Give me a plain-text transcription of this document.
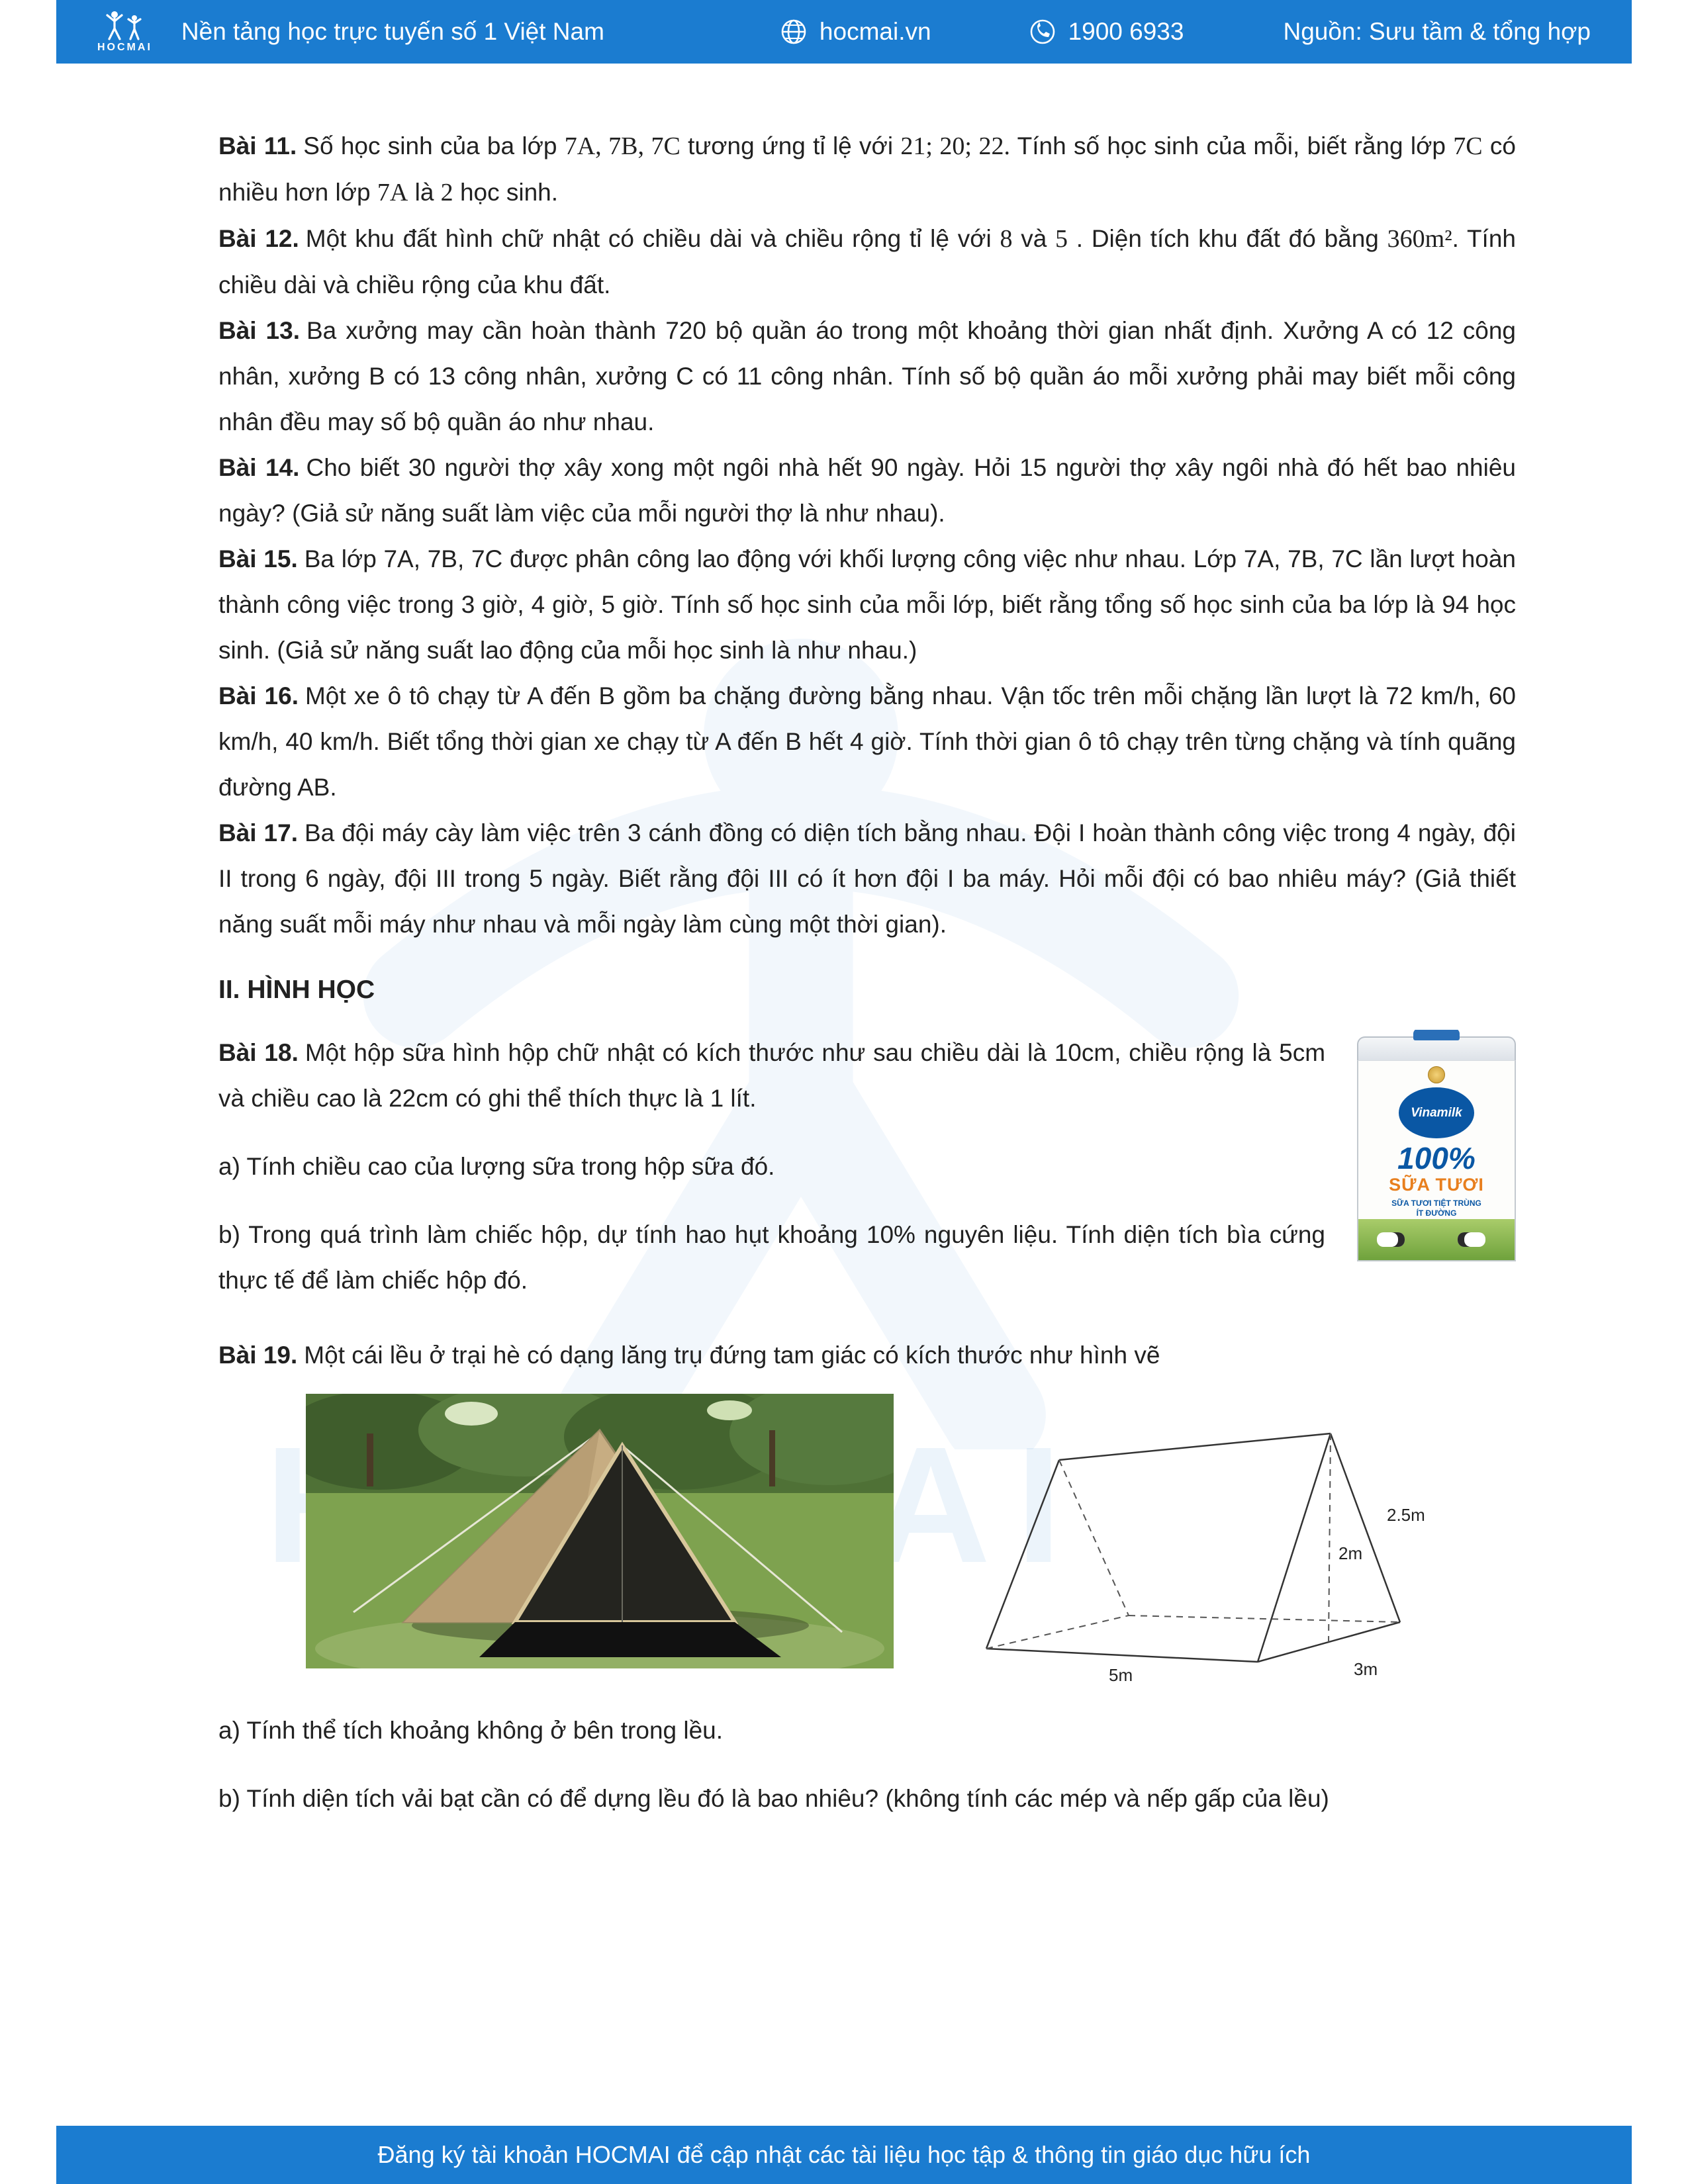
HOCMAI
Nền tảng học trực tuyến số 1 Việt Nam	hocmai.vn	1900 6933	Nguồn: Sưu tầm & tổng hợp

Bài 11. Số học sinh của ba lớp 7A, 7B, 7C tương ứng tỉ lệ với 21; 20; 22. Tính số học sinh của mỗi, biết rằng lớp 7C có nhiều hơn lớp 7A là 2 học sinh.

Bài 12. Một khu đất hình chữ nhật có chiều dài và chiều rộng tỉ lệ với 8 và 5 . Diện tích khu đất đó bằng 360m². Tính chiều dài và chiều rộng của khu đất.

Bài 13. Ba xưởng may cần hoàn thành 720 bộ quần áo trong một khoảng thời gian nhất định. Xưởng A có 12 công nhân, xưởng B có 13 công nhân, xưởng C có 11 công nhân. Tính số bộ quần áo mỗi xưởng phải may biết mỗi công nhân đều may số bộ quần áo như nhau.

Bài 14. Cho biết 30 người thợ xây xong một ngôi nhà hết 90 ngày. Hỏi 15 người thợ xây ngôi nhà đó hết bao nhiêu ngày? (Giả sử năng suất làm việc của mỗi người thợ là như nhau).

Bài 15. Ba lớp 7A, 7B, 7C được phân công lao động với khối lượng công việc như nhau. Lớp 7A, 7B, 7C lần lượt hoàn thành công việc trong 3 giờ, 4 giờ, 5 giờ. Tính số học sinh của mỗi lớp, biết rằng tổng số học sinh của ba lớp là 94 học sinh. (Giả sử năng suất lao động của mỗi học sinh là như nhau.)

Bài 16. Một xe ô tô chạy từ A đến B gồm ba chặng đường bằng nhau. Vận tốc trên mỗi chặng lần lượt là 72 km/h, 60 km/h, 40 km/h. Biết tổng thời gian xe chạy từ A đến B hết 4 giờ. Tính thời gian ô tô chạy trên từng chặng và tính quãng đường AB.

Bài 17. Ba đội máy cày làm việc trên 3 cánh đồng có diện tích bằng nhau. Đội I hoàn thành công việc trong 4 ngày, đội II trong 6 ngày, đội III trong 5 ngày. Biết rằng đội III có ít hơn đội I ba máy. Hỏi mỗi đội có bao nhiêu máy? (Giả thiết năng suất mỗi máy như nhau và mỗi ngày làm cùng một thời gian).

II. HÌNH HỌC
Vinamilk
100%
SỮA TƯƠI
SỮA TƯƠI TIỆT TRÙNG
ÍT ĐƯỜNG

Bài 18. Một hộp sữa hình hộp chữ nhật có kích thước như sau chiều dài là 10cm, chiều rộng là 5cm và chiều cao là 22cm có ghi thể thích thực là 1 lít.

a) Tính chiều cao của lượng sữa trong hộp sữa đó.

b) Trong quá trình làm chiếc hộp, dự tính hao hụt khoảng 10% nguyên liệu. Tính diện tích bìa cứng thực tế để làm chiếc hộp đó.

Bài 19. Một cái lều ở trại hè có dạng lăng trụ đứng tam giác có kích thước như hình vẽ

5m	3m
2m
2.5m

a) Tính thể tích khoảng không ở bên trong lều.

b) Tính diện tích vải bạt cần có để dựng lều đó là bao nhiêu? (không tính các mép và nếp gấp của lều)

Đăng ký tài khoản HOCMAI để cập nhật các tài liệu học tập & thông tin giáo dục hữu ích
